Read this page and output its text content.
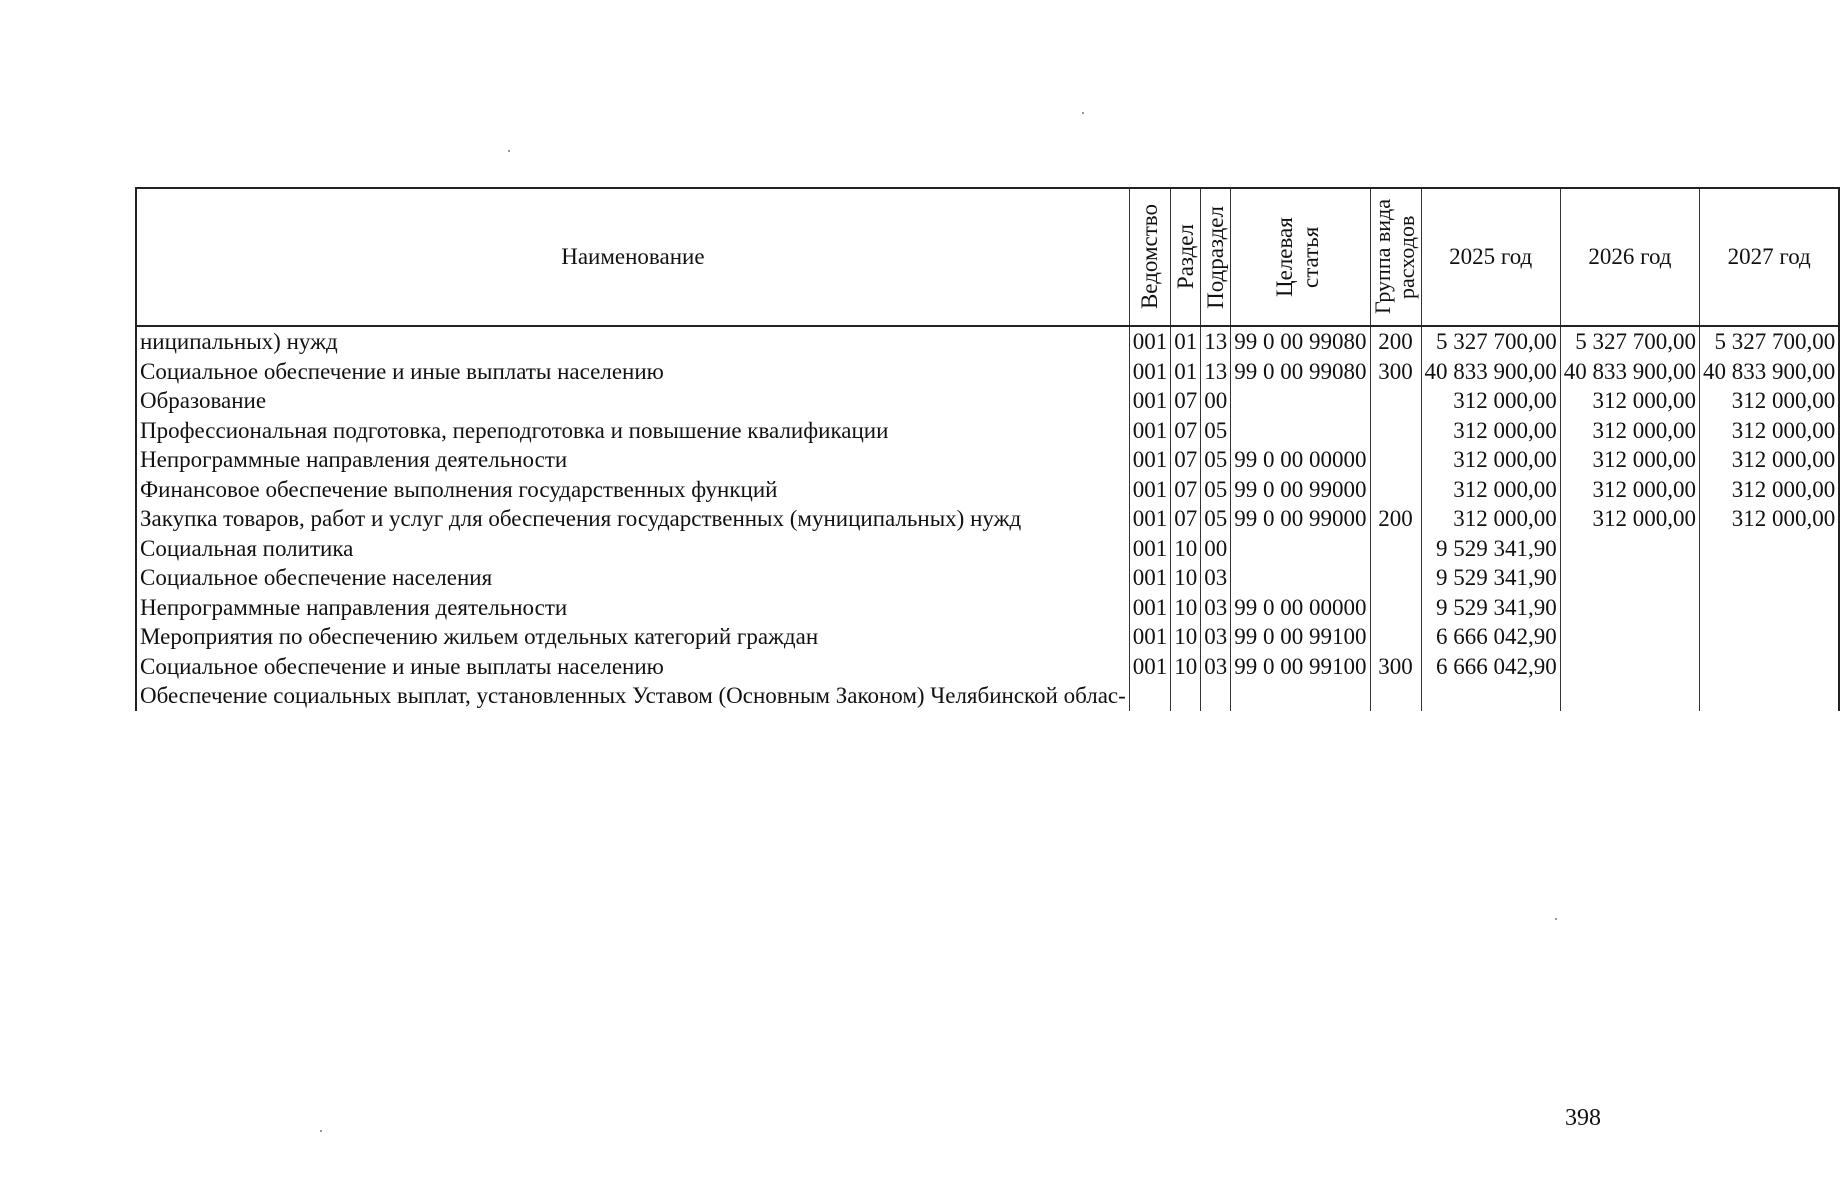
Наименование	Ведомство	Раздел	Подраздел	Целевая статья	Группа вида расходов	2025 год	2026 год	2027 год
ниципальных) нужд	001	01	13	99 0 00 99080	200	5 327 700,00	5 327 700,00	5 327 700,00
Социальное обеспечение и иные выплаты населению	001	01	13	99 0 00 99080	300	40 833 900,00	40 833 900,00	40 833 900,00
Образование	001	07	00			312 000,00	312 000,00	312 000,00
Профессиональная подготовка, переподготовка и повышение квалификации	001	07	05			312 000,00	312 000,00	312 000,00
Непрограммные направления деятельности	001	07	05	99 0 00 00000		312 000,00	312 000,00	312 000,00
Финансовое обеспечение выполнения государственных функций	001	07	05	99 0 00 99000		312 000,00	312 000,00	312 000,00
Закупка товаров, работ и услуг для обеспечения государственных (муниципальных) нужд	001	07	05	99 0 00 99000	200	312 000,00	312 000,00	312 000,00
Социальная политика	001	10	00			9 529 341,90		
Социальное обеспечение населения	001	10	03			9 529 341,90		
Непрограммные направления деятельности	001	10	03	99 0 00 00000		9 529 341,90		
Мероприятия по обеспечению жильем отдельных категорий граждан	001	10	03	99 0 00 99100		6 666 042,90		
Социальное обеспечение и иные выплаты населению	001	10	03	99 0 00 99100	300	6 666 042,90		
Обеспечение социальных выплат, установленных Уставом (Основным Законом) Челябинской облас-								
398
